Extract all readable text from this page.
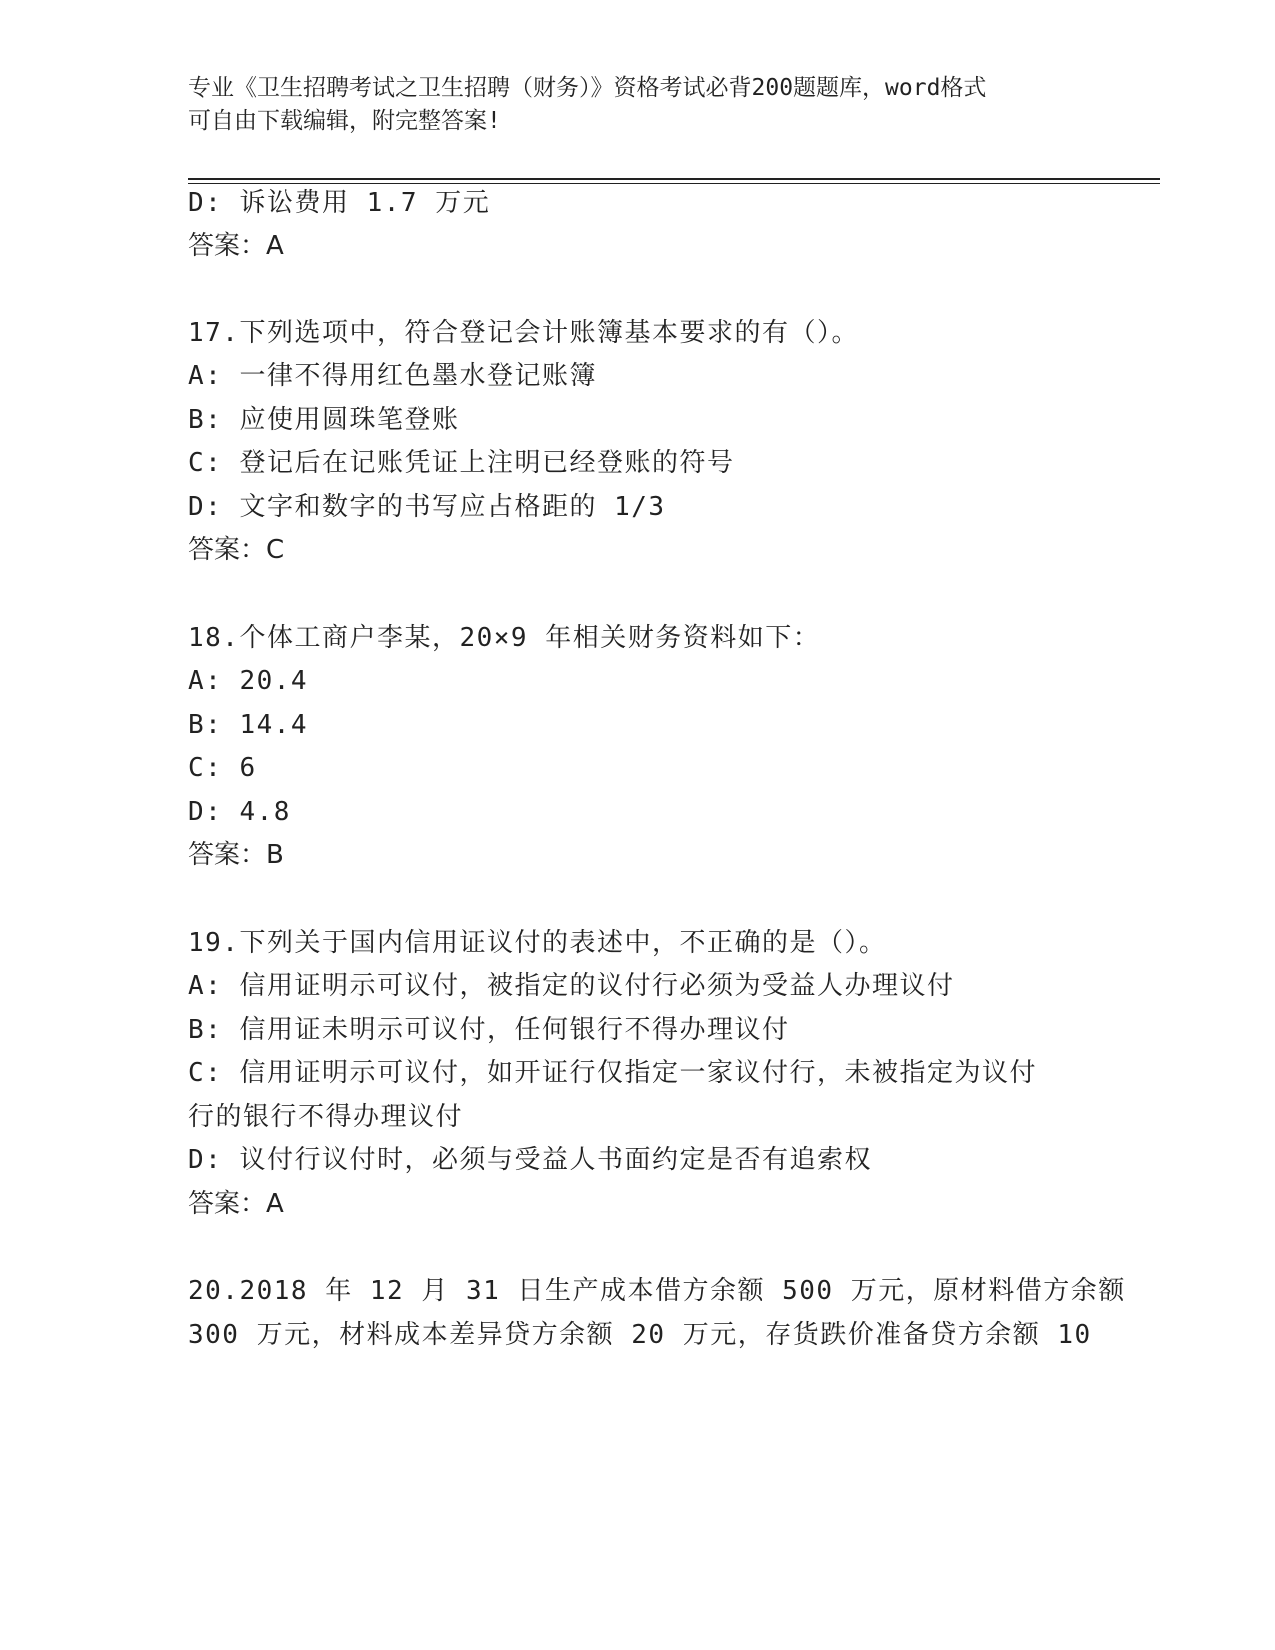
专业《卫生招聘考试之卫生招聘（财务）》资格考试必背200题题库，word格式
可自由下载编辑，附完整答案!
D: 诉讼费用 1.7 万元
答案：A
17.下列选项中，符合登记会计账簿基本要求的有（）。
A: 一律不得用红色墨水登记账簿
B: 应使用圆珠笔登账
C: 登记后在记账凭证上注明已经登账的符号
D: 文字和数字的书写应占格距的 1/3
答案：C
18.个体工商户李某，20×9 年相关财务资料如下：
A: 20.4
B: 14.4
C: 6
D: 4.8
答案：B
19.下列关于国内信用证议付的表述中，不正确的是（）。
A: 信用证明示可议付，被指定的议付行必须为受益人办理议付
B: 信用证未明示可议付，任何银行不得办理议付
C: 信用证明示可议付，如开证行仅指定一家议付行，未被指定为议付
行的银行不得办理议付
D: 议付行议付时，必须与受益人书面约定是否有追索权
答案：A
20.2018 年 12 月 31 日生产成本借方余额 500 万元，原材料借方余额
300 万元，材料成本差异贷方余额 20 万元，存货跌价准备贷方余额 10
